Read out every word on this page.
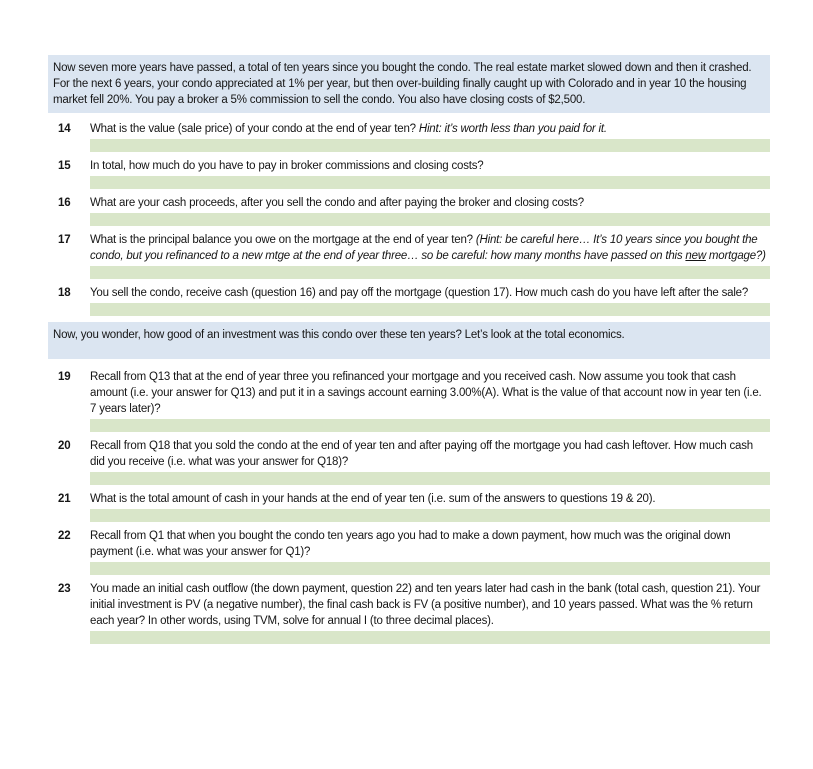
Now seven more years have passed, a total of ten years since you bought the condo. The real estate market slowed down and then it crashed. For the next 6 years, your condo appreciated at 1% per year, but then over-building finally caught up with Colorado and in year 10 the housing market fell 20%. You pay a broker a 5% commission to sell the condo. You also have closing costs of $2,500.
14	What is the value (sale price) of your condo at the end of year ten? Hint: it’s worth less than you paid for it.

15	In total, how much do you have to pay in broker commissions and closing costs?

16	What are your cash proceeds, after you sell the condo and after paying the broker and closing costs?

17	What is the principal balance you owe on the mortgage at the end of year ten? (Hint: be careful here… It’s 10 years since you bought the condo, but you refinanced to a new mtge at the end of year three… so be careful: how many months have passed on this new mortgage?)

18	You sell the condo, receive cash (question 16) and pay off the mortgage (question 17). How much cash do you have left after the sale?

Now, you wonder, how good of an investment was this condo over these ten years? Let’s look at the total economics.
19	Recall from Q13 that at the end of year three you refinanced your mortgage and you received cash. Now assume you took that cash amount (i.e. your answer for Q13) and put it in a savings account earning 3.00%(A). What is the value of that account now in year ten (i.e. 7 years later)?

20	Recall from Q18 that you sold the condo at the end of year ten and after paying off the mortgage you had cash leftover. How much cash did you receive (i.e. what was your answer for Q18)?

21	What is the total amount of cash in your hands at the end of year ten (i.e. sum of the answers to questions 19 & 20).

22	Recall from Q1 that when you bought the condo ten years ago you had to make a down payment, how much was the original down payment (i.e. what was your answer for Q1)?

23	You made an initial cash outflow (the down payment, question 22) and ten years later had cash in the bank (total cash, question 21). Your initial investment is PV (a negative number), the final cash back is FV (a positive number), and 10 years passed. What was the % return each year? In other words, using TVM, solve for annual I (to three decimal places).
